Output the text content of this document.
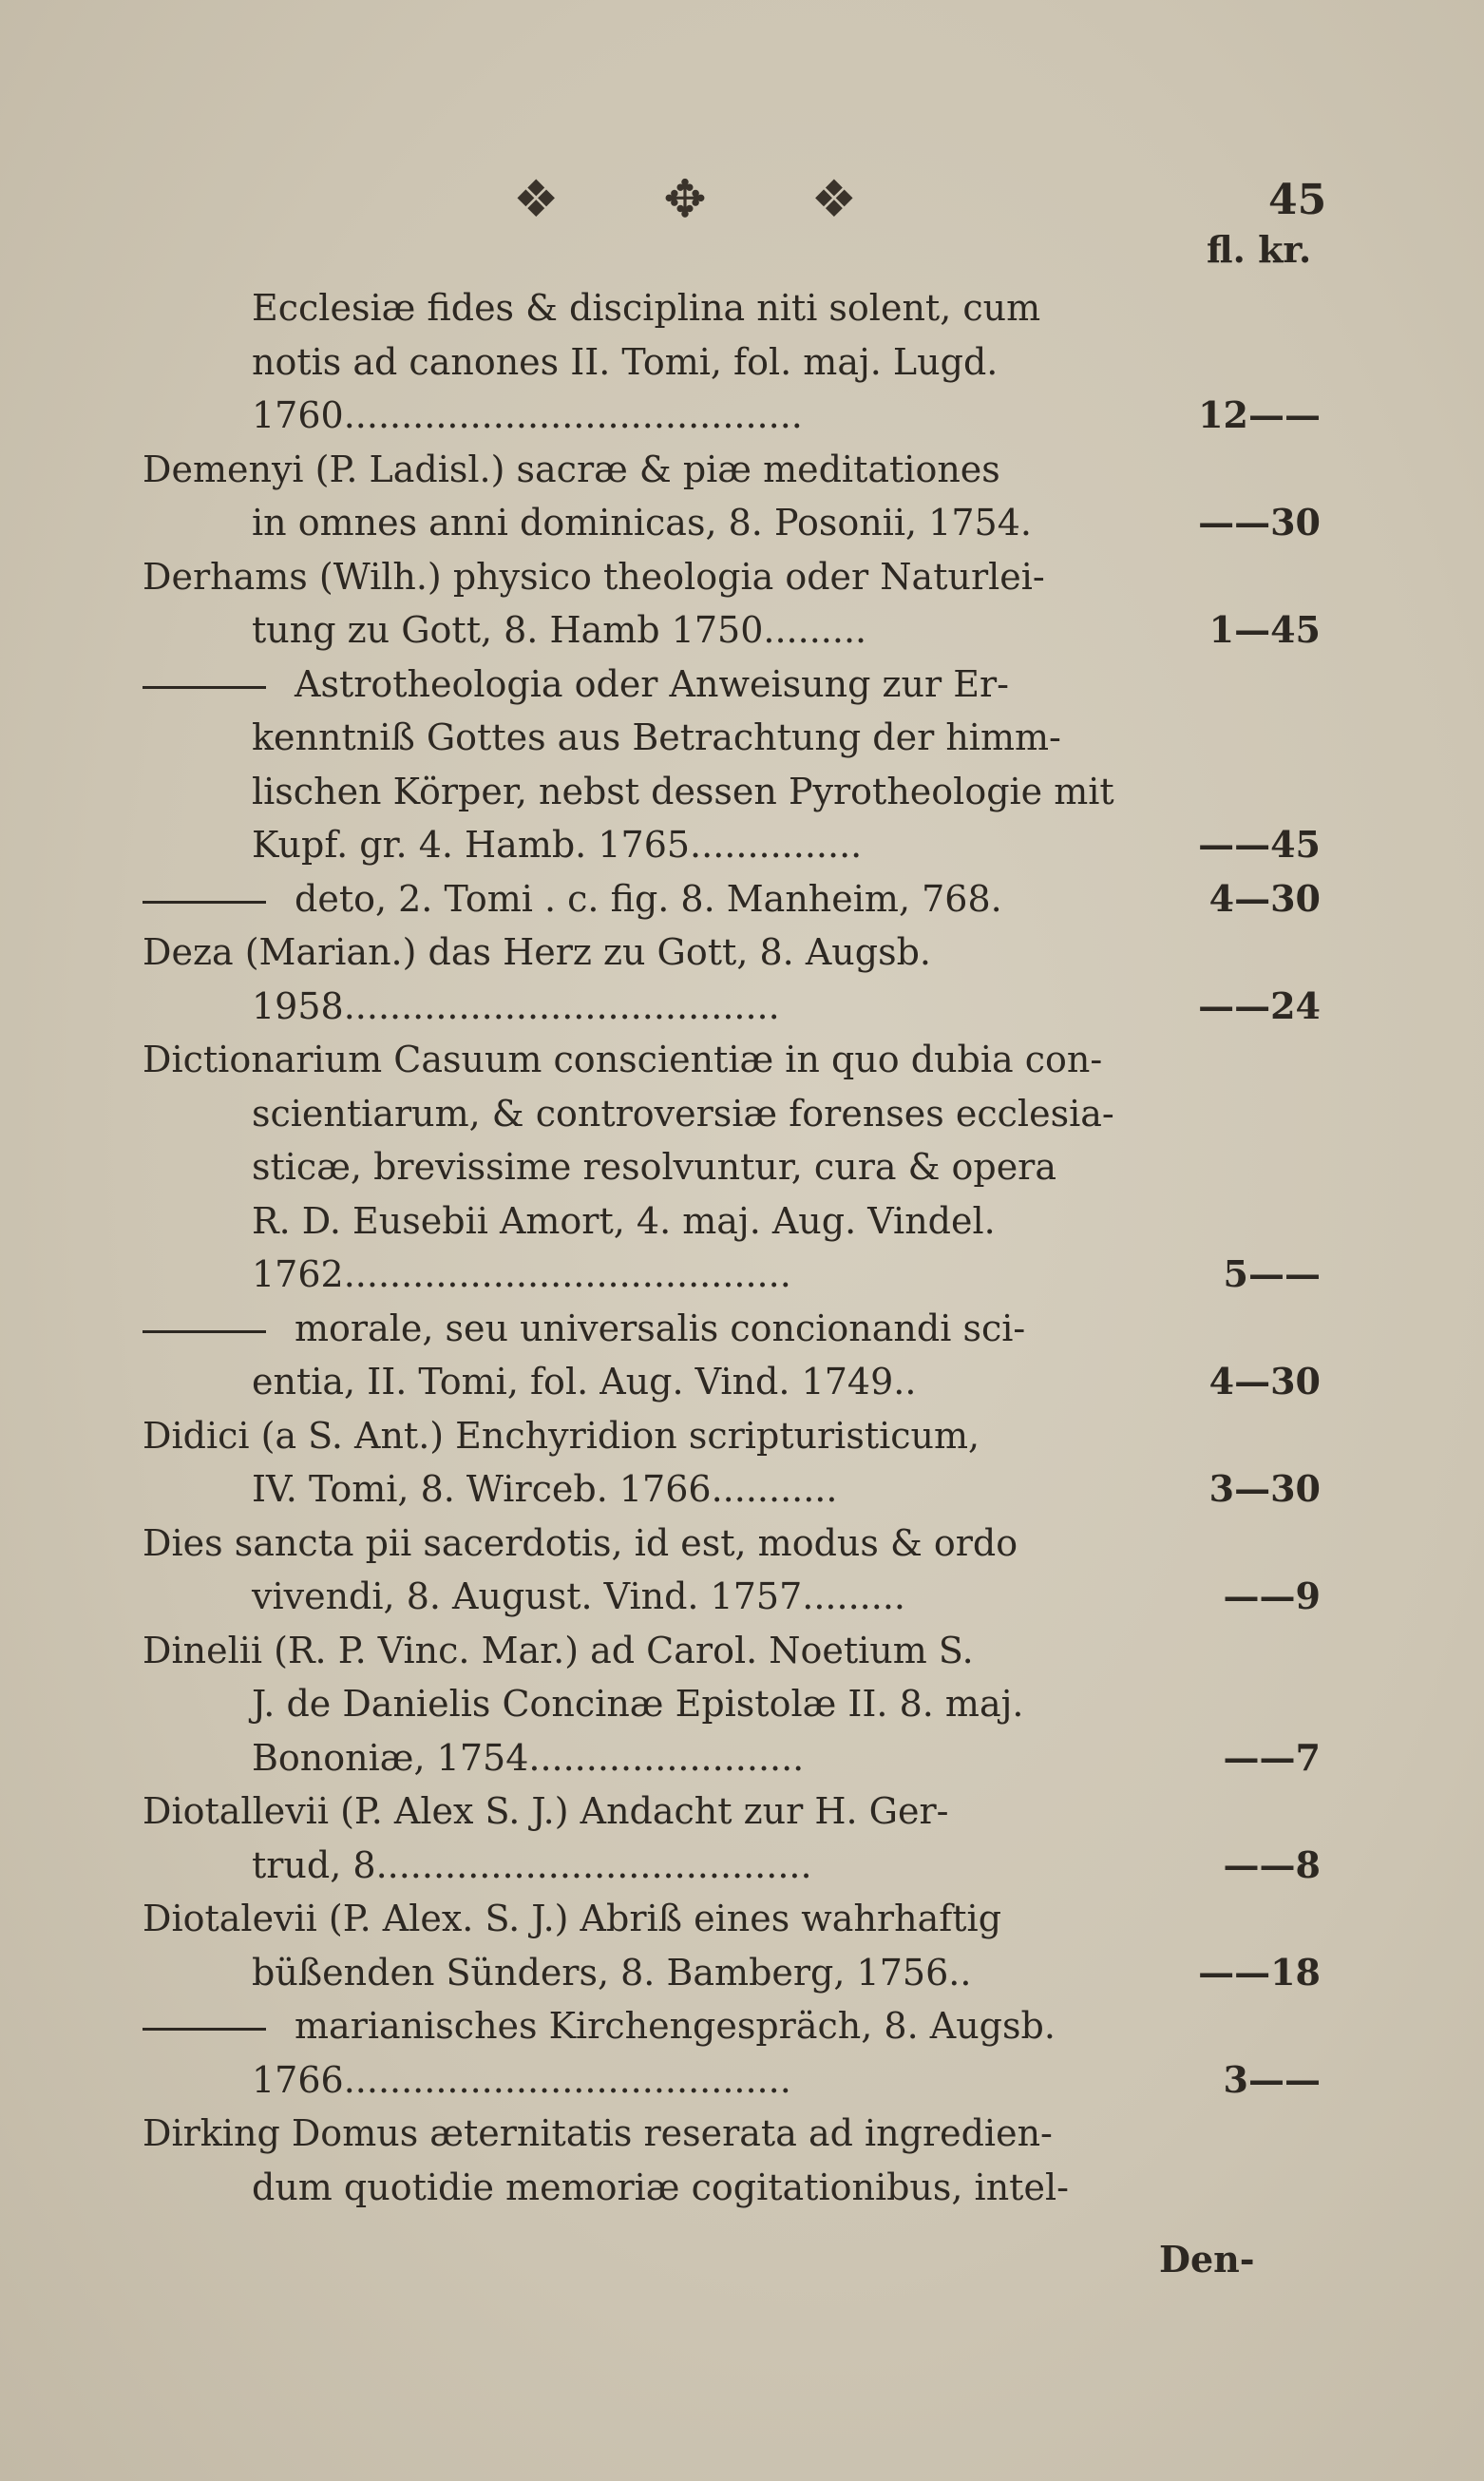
❖ ✥ ❖	45
fl. kr.
Ecclesiæ fides & disciplina niti solent, cum
notis ad canones II. Tomi, fol. maj. Lugd.
1760........................................	12——
Demenyi (P. Ladisl.) sacræ & piæ meditationes
in omnes anni dominicas, 8. Posonii, 1754.	——30
Derhams (Wilh.) physico theologia oder Naturlei-
tung zu Gott, 8. Hamb 1750.........	1—45
Astrotheologia oder Anweisung zur Er-
kenntniß Gottes aus Betrachtung der himm-
lischen Körper, nebst dessen Pyrotheologie mit
Kupf. gr. 4. Hamb. 1765...............	——45
deto, 2. Tomi . c. fig. 8. Manheim, 768.	4—30
Deza (Marian.) das Herz zu Gott, 8. Augsb.
1958......................................	——24
Dictionarium Casuum conscientiæ in quo dubia con-
scientiarum, & controversiæ forenses ecclesia-
sticæ, brevissime resolvuntur, cura & opera
R. D. Eusebii Amort, 4. maj. Aug. Vindel.
1762.......................................	5——
morale, seu universalis concionandi sci-
entia, II. Tomi, fol. Aug. Vind. 1749..	4—30
Didici (a S. Ant.) Enchyridion scripturisticum,
IV. Tomi, 8. Wirceb. 1766...........	3—30
Dies sancta pii sacerdotis, id est, modus & ordo
vivendi, 8. August. Vind. 1757.........	——9
Dinelii (R. P. Vinc. Mar.) ad Carol. Noetium S.
J. de Danielis Concinæ Epistolæ II. 8. maj.
Bononiæ, 1754........................	——7
Diotallevii (P. Alex S. J.) Andacht zur H. Ger-
trud, 8......................................	——8
Diotalevii (P. Alex. S. J.) Abriß eines wahrhaftig
büßenden Sünders, 8. Bamberg, 1756..	——18
marianisches Kirchengespräch, 8. Augsb.
1766.......................................	3——
Dirking Domus æternitatis reserata ad ingredien-
dum quotidie memoriæ cogitationibus, intel-
Den-
